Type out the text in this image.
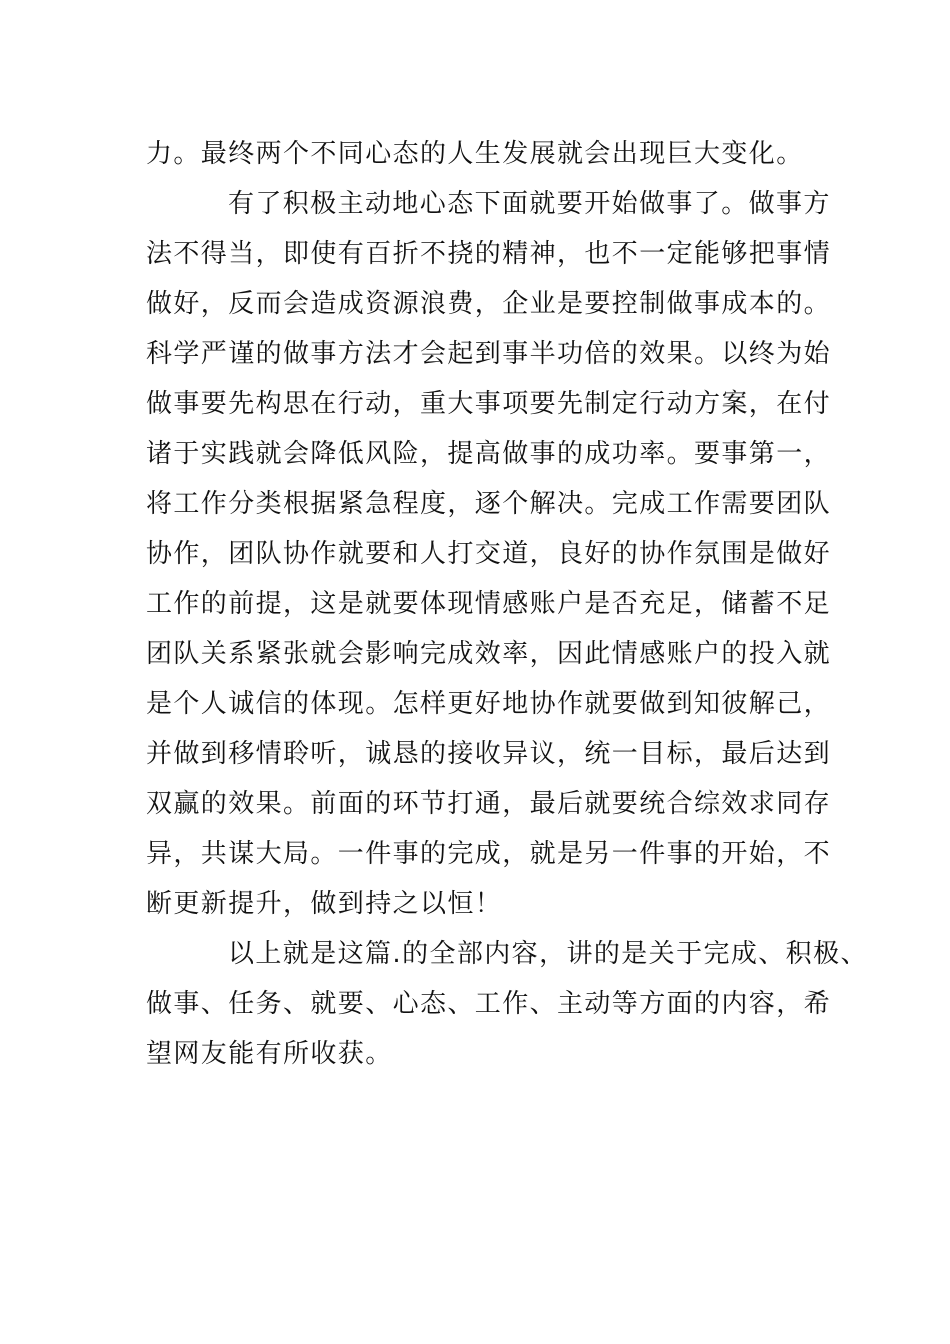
力。最终两个不同心态的人生发展就会出现巨大变化。
有了积极主动地心态下面就要开始做事了。做事方
法不得当，即使有百折不挠的精神，也不一定能够把事情
做好，反而会造成资源浪费，企业是要控制做事成本的。
科学严谨的做事方法才会起到事半功倍的效果。以终为始
做事要先构思在行动，重大事项要先制定行动方案，在付
诸于实践就会降低风险，提高做事的成功率。要事第一，
将工作分类根据紧急程度，逐个解决。完成工作需要团队
协作，团队协作就要和人打交道，良好的协作氛围是做好
工作的前提，这是就要体现情感账户是否充足，储蓄不足
团队关系紧张就会影响完成效率，因此情感账户的投入就
是个人诚信的体现。怎样更好地协作就要做到知彼解己，
并做到移情聆听，诚恳的接收异议，统一目标，最后达到
双赢的效果。前面的环节打通，最后就要统合综效求同存
异，共谋大局。一件事的完成，就是另一件事的开始，不
断更新提升，做到持之以恒！
以上就是这篇.的全部内容，讲的是关于完成、积极、
做事、任务、就要、心态、工作、主动等方面的内容，希
望网友能有所收获。
